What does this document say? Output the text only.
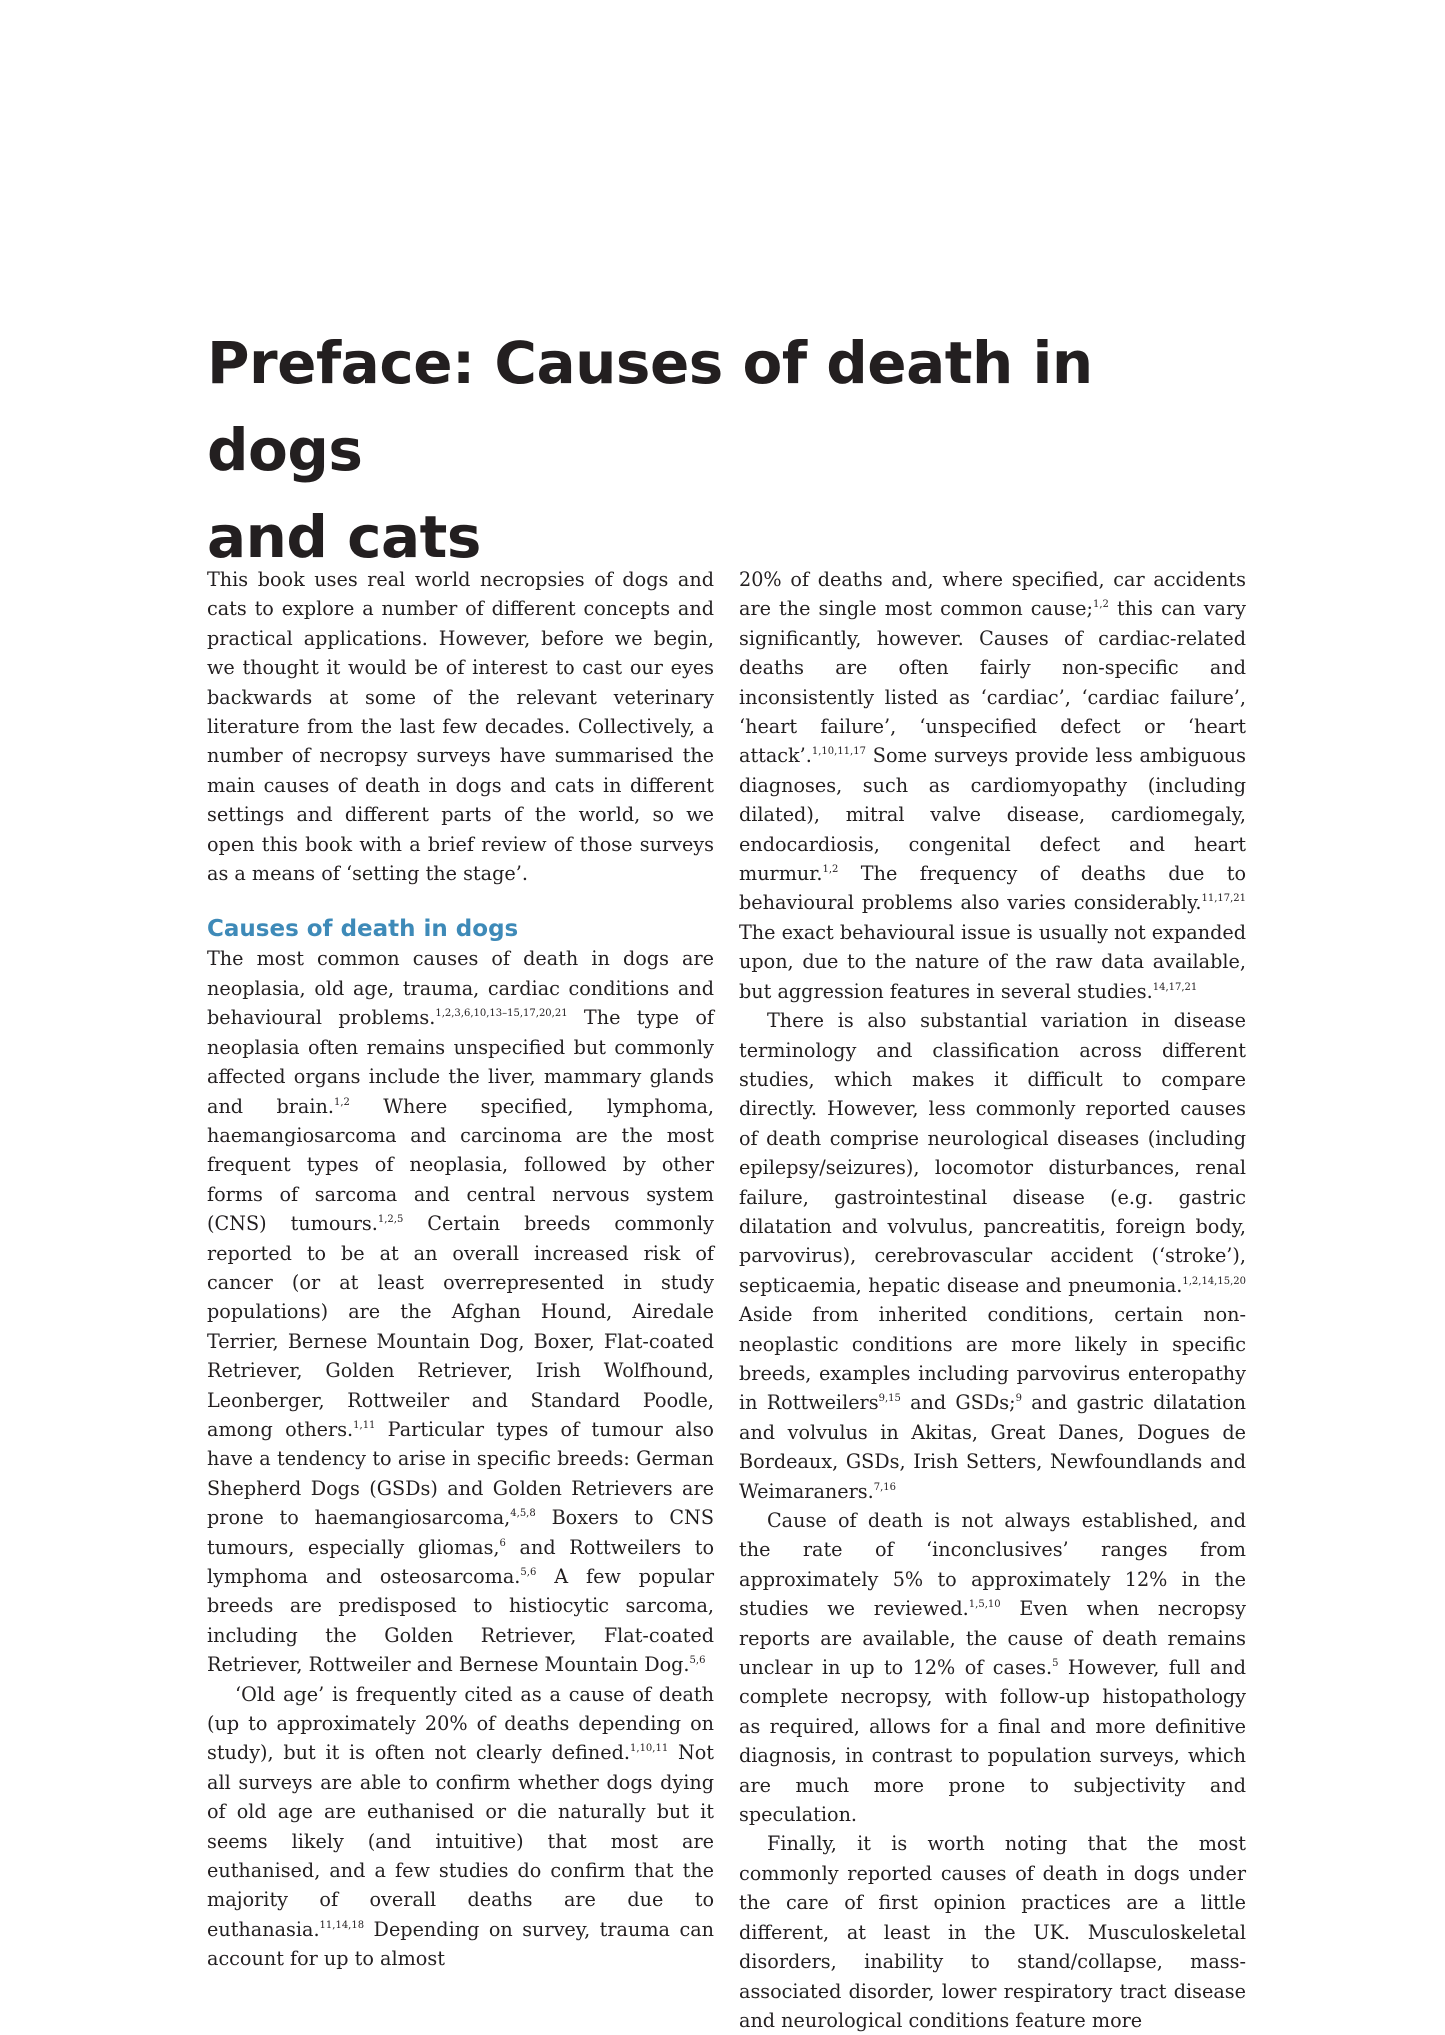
Preface: Causes of death in dogs
and cats

This book uses real world necropsies of dogs and cats to explore a number of different concepts and practical applications. However, before we begin, we thought it would be of interest to cast our eyes backwards at some of the relevant veterinary literature from the last few decades. Collectively, a number of necropsy surveys have summarised the main causes of death in dogs and cats in different settings and different parts of the world, so we open this book with a brief review of those surveys as a means of ‘setting the stage’.

Causes of death in dogs

The most common causes of death in dogs are neoplasia, old age, trauma, cardiac conditions and behavioural problems.$^{1,2,3,6,10,13-15,17,20,21}$ The type of neoplasia often remains unspecified but commonly affected organs include the liver, mammary glands and brain.$^{1,2}$ Where specified, lymphoma, haemangiosarcoma and carcinoma are the most frequent types of neoplasia, followed by other forms of sarcoma and central nervous system (CNS) tumours.$^{1,2,5}$ Certain breeds commonly reported to be at an overall increased risk of cancer (or at least overrepresented in study populations) are the Afghan Hound, Airedale Terrier, Bernese Mountain Dog, Boxer, Flat-coated Retriever, Golden Retriever, Irish Wolfhound, Leonberger, Rottweiler and Standard Poodle, among others.$^{1,11}$ Particular types of tumour also have a tendency to arise in specific breeds: German Shepherd Dogs (GSDs) and Golden Retrievers are prone to haemangiosarcoma,$^{4,5,8}$ Boxers to CNS tumours, especially gliomas,$^6$ and Rottweilers to lymphoma and osteosarcoma.$^{5,6}$ A few popular breeds are predisposed to histiocytic sarcoma, including the Golden Retriever, Flat-coated Retriever, Rottweiler and Bernese Mountain Dog.$^{5,6}$

‘Old age’ is frequently cited as a cause of death (up to approximately 20% of deaths depending on study), but it is often not clearly defined.$^{1,10,11}$ Not all surveys are able to confirm whether dogs dying of old age are euthanised or die naturally but it seems likely (and intuitive) that most are euthanised, and a few studies do confirm that the majority of overall deaths are due to euthanasia.$^{11,14,18}$ Depending on survey, trauma can account for up to almost

20% of deaths and, where specified, car accidents are the single most common cause;$^{1,2}$ this can vary significantly, however. Causes of cardiac-related deaths are often fairly non-specific and inconsistently listed as ‘cardiac’, ‘cardiac failure’, ‘heart failure’, ‘unspecified defect or ‘heart attack’.$^{1,10,11,17}$ Some surveys provide less ambiguous diagnoses, such as cardiomyopathy (including dilated), mitral valve disease, cardiomegaly, endocardiosis, congenital defect and heart murmur.$^{1,2}$ The frequency of deaths due to behavioural problems also varies considerably.$^{11,17,21}$ The exact behavioural issue is usually not expanded upon, due to the nature of the raw data available, but aggression features in several studies.$^{14,17,21}$

There is also substantial variation in disease terminology and classification across different studies, which makes it difficult to compare directly. However, less commonly reported causes of death comprise neurological diseases (including epilepsy/seizures), locomotor disturbances, renal failure, gastrointestinal disease (e.g. gastric dilatation and volvulus, pancreatitis, foreign body, parvovirus), cerebrovascular accident (‘stroke’), septicaemia, hepatic disease and pneumonia.$^{1,2,14,15,20}$ Aside from inherited conditions, certain non-neoplastic conditions are more likely in specific breeds, examples including parvovirus enteropathy in Rottweilers$^{9,15}$ and GSDs;$^9$ and gastric dilatation and volvulus in Akitas, Great Danes, Dogues de Bordeaux, GSDs, Irish Setters, Newfoundlands and Weimaraners.$^{7,16}$

Cause of death is not always established, and the rate of ‘inconclusives’ ranges from approximately 5% to approximately 12% in the studies we reviewed.$^{1,5,10}$ Even when necropsy reports are available, the cause of death remains unclear in up to 12% of cases.$^5$ However, full and complete necropsy, with follow-up histopathology as required, allows for a final and more definitive diagnosis, in contrast to population surveys, which are much more prone to subjectivity and speculation.

Finally, it is worth noting that the most commonly reported causes of death in dogs under the care of first opinion practices are a little different, at least in the UK. Musculoskeletal disorders, inability to stand/collapse, mass-associated disorder, lower respiratory tract disease and neurological conditions feature more
